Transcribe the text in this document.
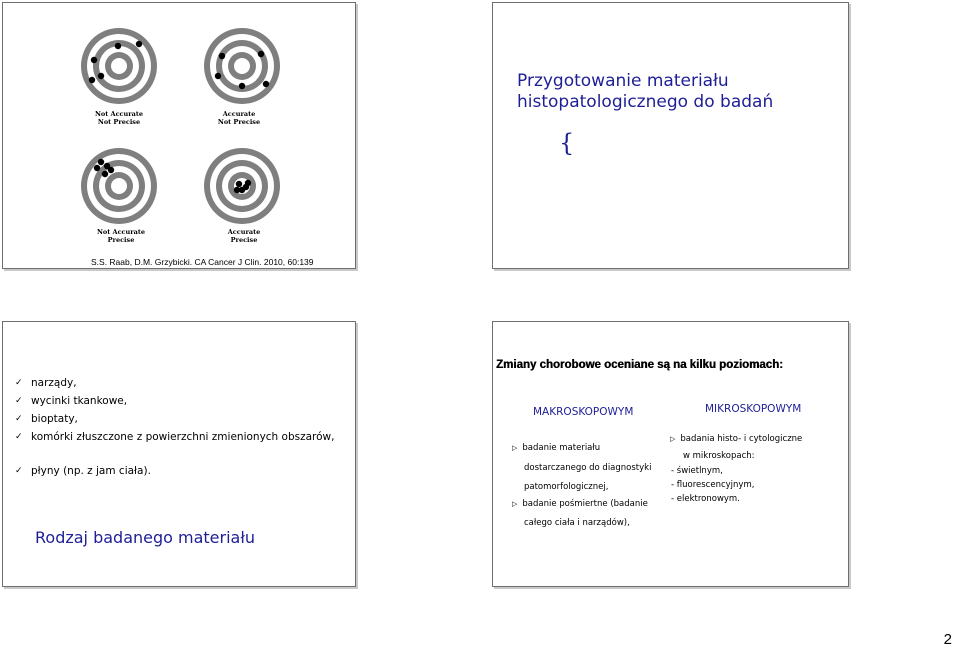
Not Accurate
Not Precise
Accurate
Not Precise
Not Accurate
Precise
Accurate
Precise
S.S. Raab, D.M. Grzybicki. CA Cancer J Clin. 2010, 60:139
Przygotowanie materiału
histopatologicznego do badań
{
✓ narządy,
✓ wycinki tkankowe,
✓ bioptaty,
✓ komórki złuszczone z powierzchni zmienionych obszarów,
✓ płyny (np. z jam ciała).
Rodzaj badanego materiału
Zmiany chorobowe oceniane są na kilku poziomach:
MAKROSKOPOWYM	MIKROSKOPOWYM
▷ badanie materiału
dostarczanego do diagnostyki
patomorfologicznej,
▷ badanie pośmiertne (badanie
całego ciała i narządów),
▷ badania histo- i cytologiczne
w mikroskopach:
- świetlnym,
- fluorescencyjnym,
- elektronowym.
2
